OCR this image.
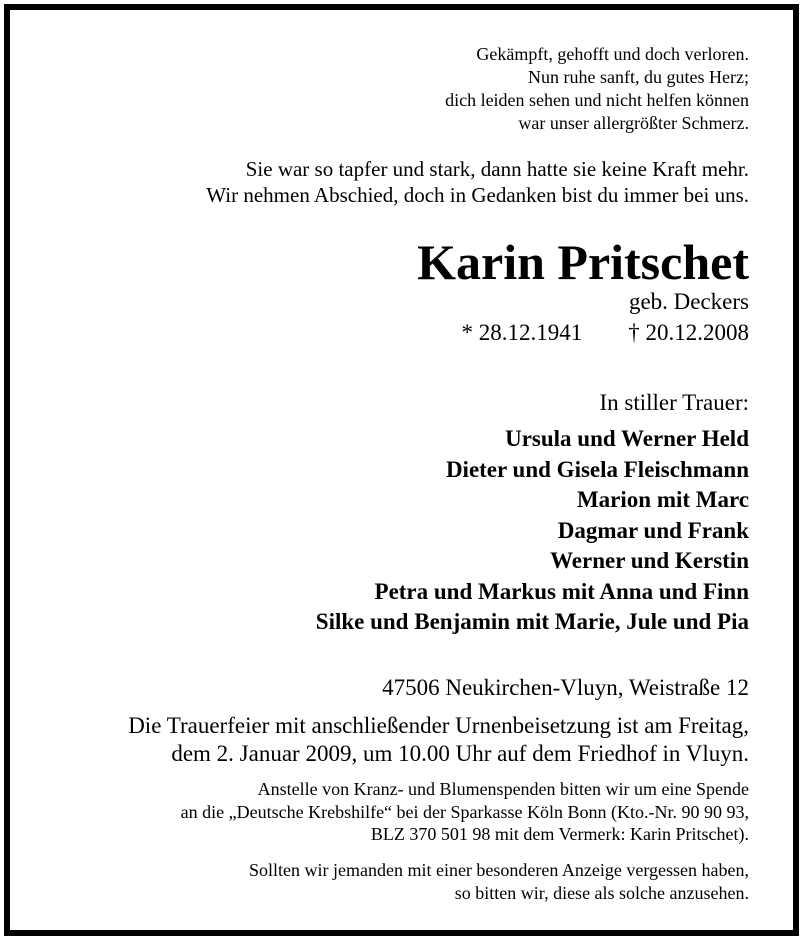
Gekämpft, gehofft und doch verloren.
Nun ruhe sanft, du gutes Herz;
dich leiden sehen und nicht helfen können
war unser allergrößter Schmerz.
Sie war so tapfer und stark, dann hatte sie keine Kraft mehr.
Wir nehmen Abschied, doch in Gedanken bist du immer bei uns.
Karin Pritschet
geb. Deckers
* 28.12.1941 † 20.12.2008
In stiller Trauer:
Ursula und Werner Held
Dieter und Gisela Fleischmann
Marion mit Marc
Dagmar und Frank
Werner und Kerstin
Petra und Markus mit Anna und Finn
Silke und Benjamin mit Marie, Jule und Pia
47506 Neukirchen-Vluyn, Weistraße 12
Die Trauerfeier mit anschließender Urnenbeisetzung ist am Freitag,
dem 2. Januar 2009, um 10.00 Uhr auf dem Friedhof in Vluyn.
Anstelle von Kranz- und Blumenspenden bitten wir um eine Spende
an die „Deutsche Krebshilfe“ bei der Sparkasse Köln Bonn (Kto.-Nr. 90 90 93,
BLZ 370 501 98 mit dem Vermerk: Karin Pritschet).
Sollten wir jemanden mit einer besonderen Anzeige vergessen haben,
so bitten wir, diese als solche anzusehen.
